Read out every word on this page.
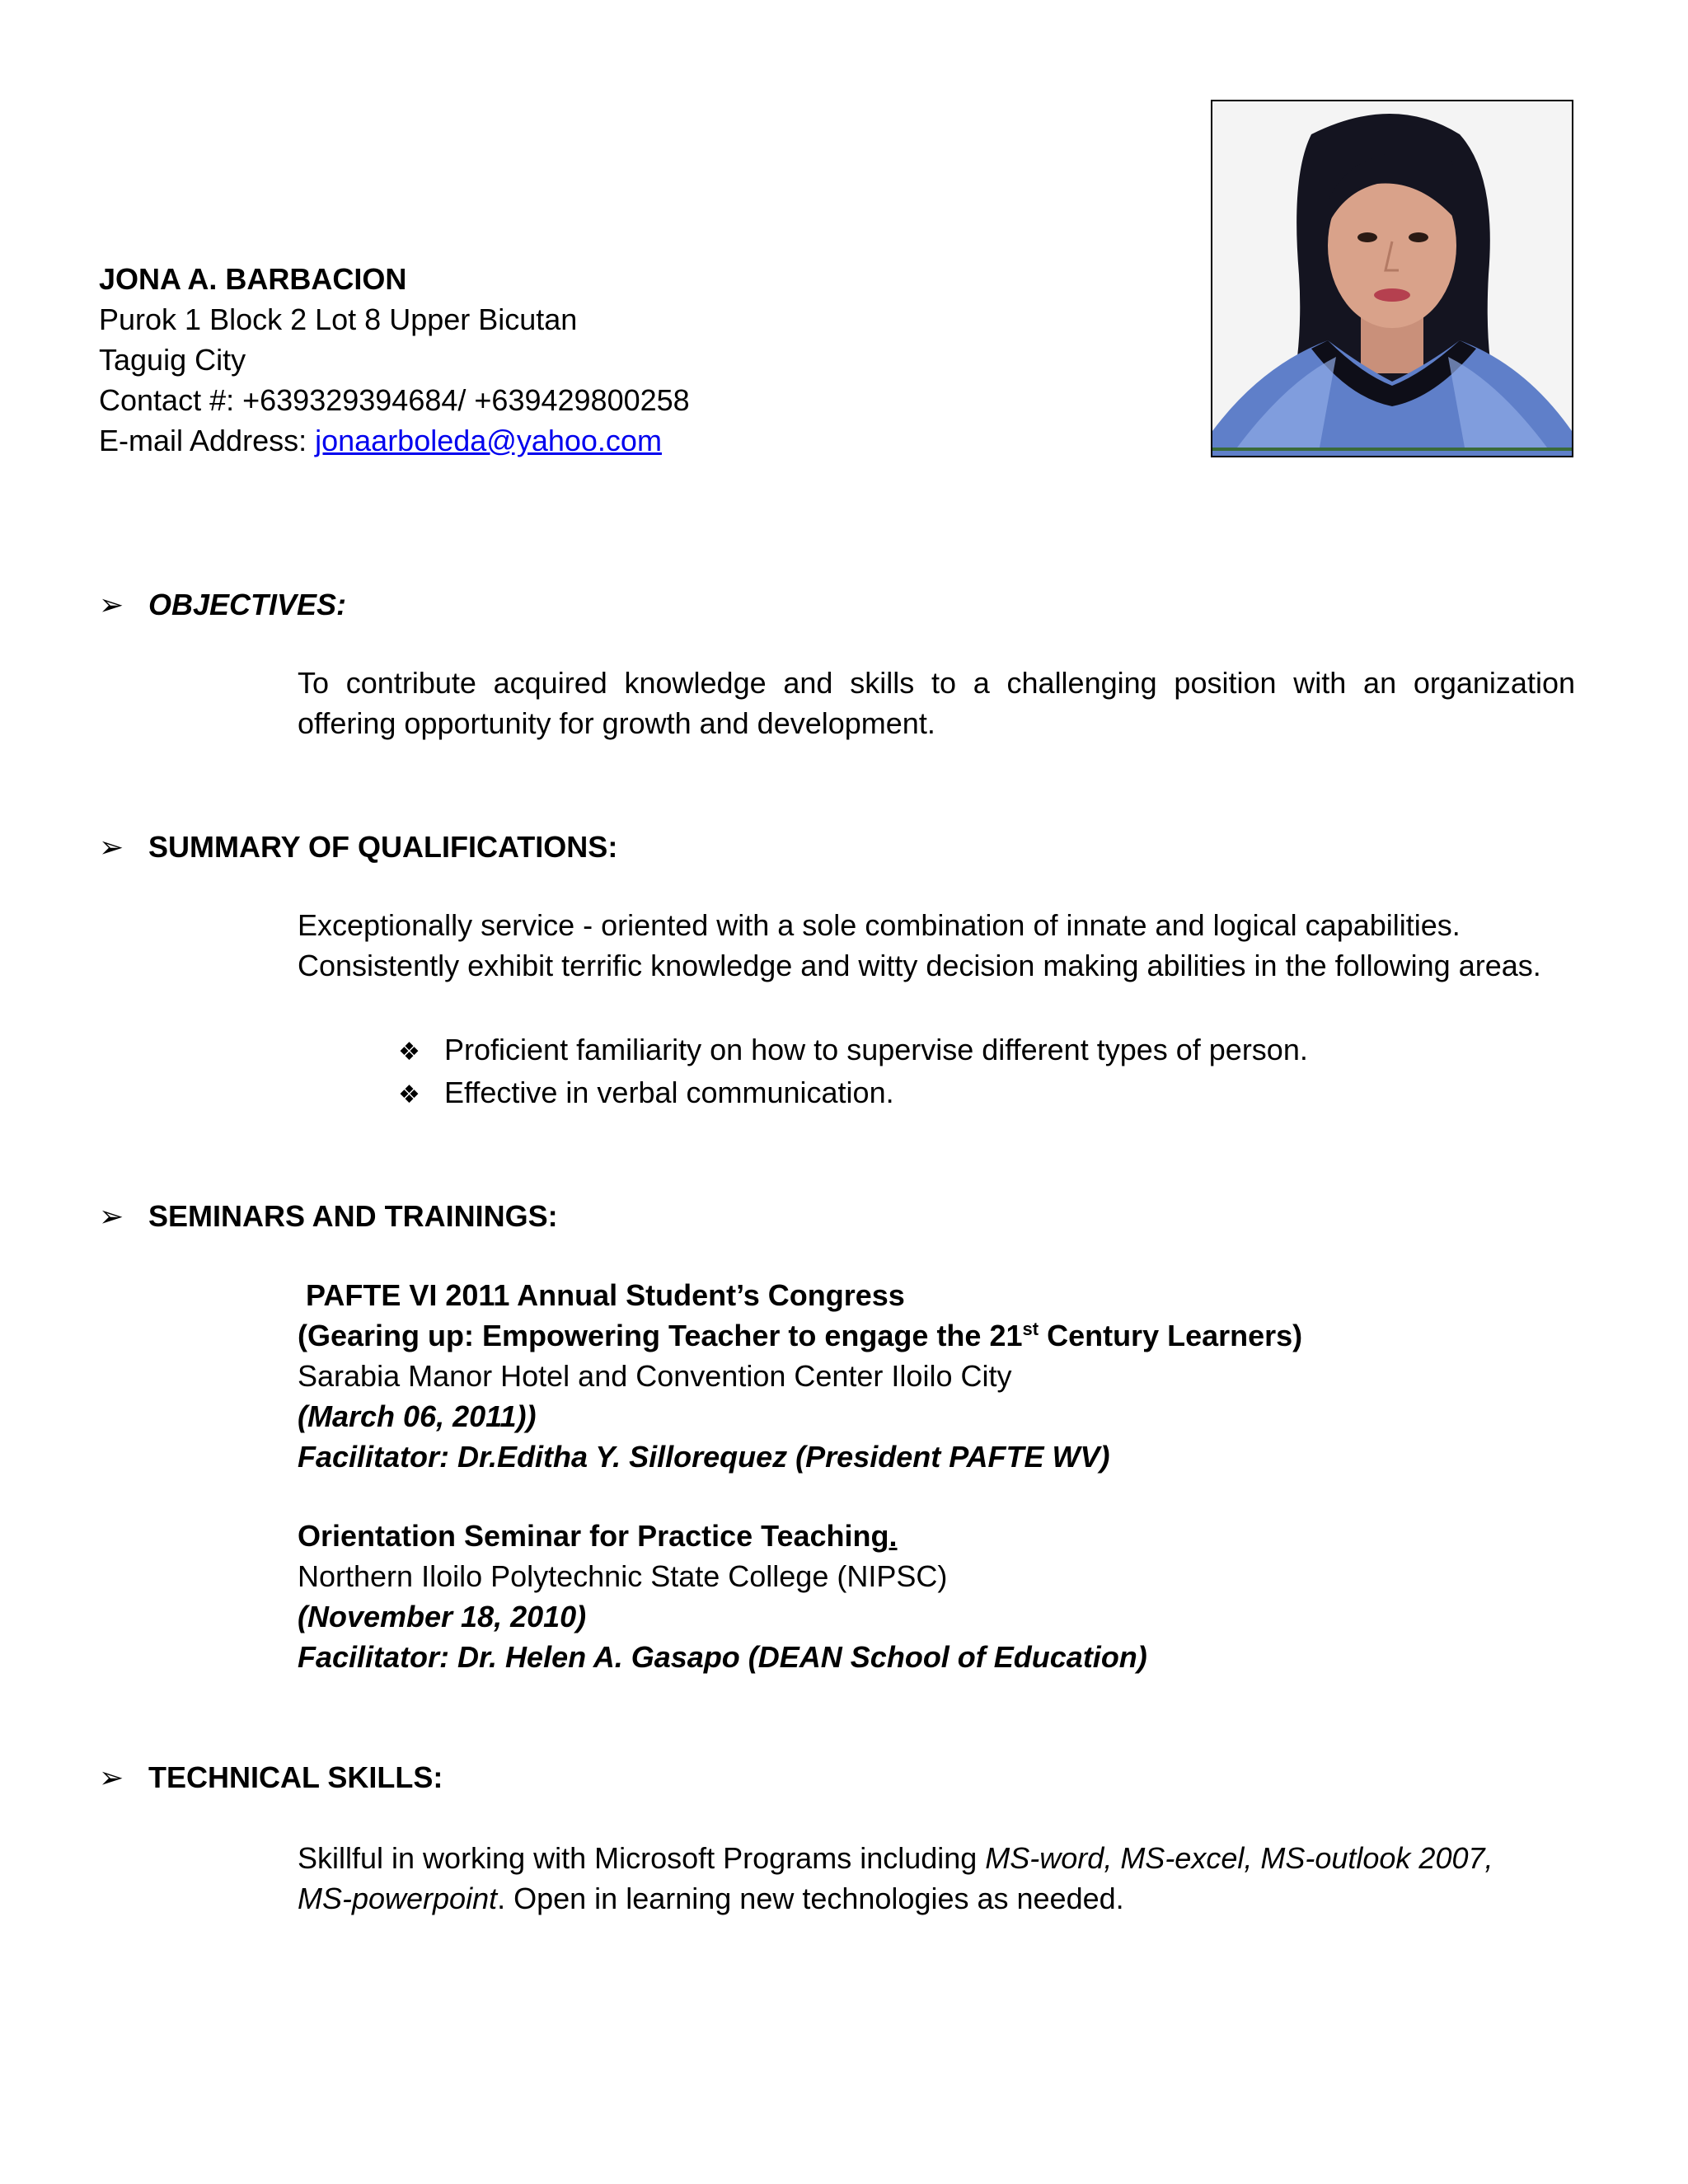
JONA A. BARBACION
Purok 1 Block 2 Lot 8 Upper Bicutan
Taguig City
Contact #: +639329394684/ +639429800258
E-mail Address: jonaarboleda@yahoo.com
➢ OBJECTIVES:
To contribute acquired knowledge and skills to a challenging position with an organization offering opportunity for growth and development.
➢ SUMMARY OF QUALIFICATIONS:
Exceptionally service - oriented with a sole combination of innate and logical capabilities.
Consistently exhibit terrific knowledge and witty decision making abilities in the following areas.
❖ Proficient familiarity on how to supervise different types of person.
❖ Effective in verbal communication.
➢ SEMINARS AND TRAININGS:
PAFTE VI 2011 Annual Student’s Congress
(Gearing up: Empowering Teacher to engage the 21st Century Learners)
Sarabia Manor Hotel and Convention Center Iloilo City
(March 06, 2011))
Facilitator: Dr.Editha Y. Sillorequez (President PAFTE WV)
Orientation Seminar for Practice Teaching.
Northern Iloilo Polytechnic State College (NIPSC)
(November 18, 2010)
Facilitator: Dr. Helen A. Gasapo (DEAN School of Education)
➢ TECHNICAL SKILLS:
Skillful in working with Microsoft Programs including MS-word, MS-excel, MS-outlook 2007,
MS-powerpoint. Open in learning new technologies as needed.
